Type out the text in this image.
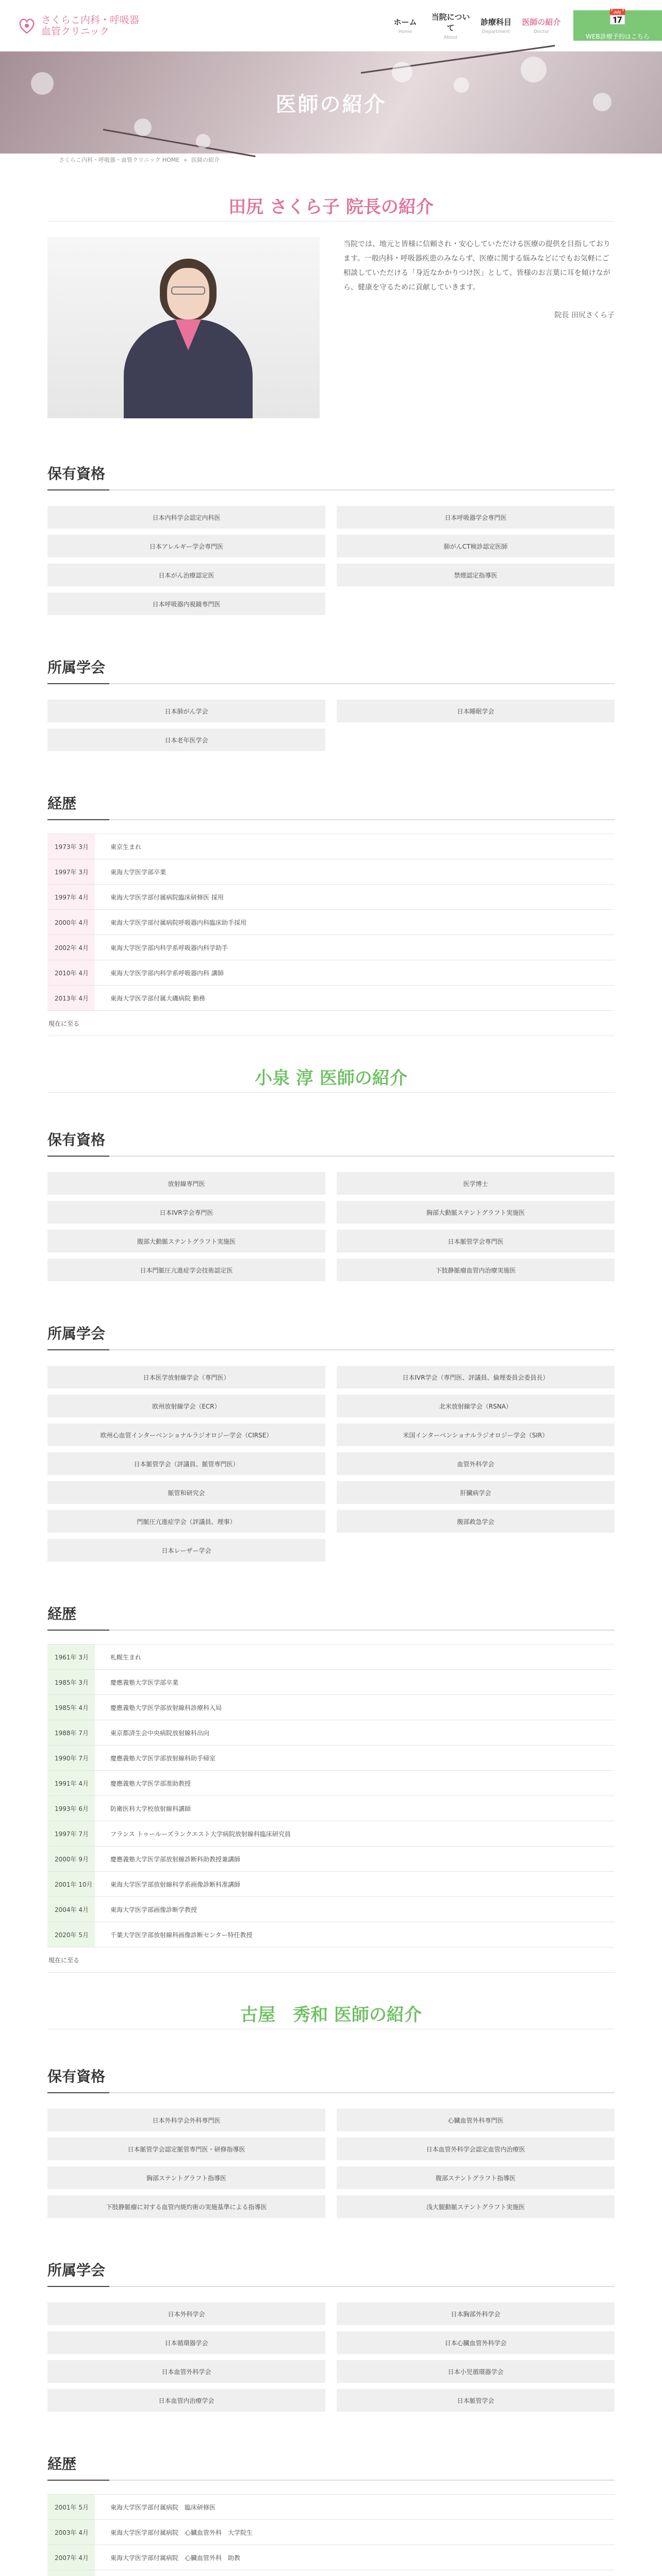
さくらこ内科・呼吸器
血管クリニック
ホーム
Home
当院について
About
診療科目
Department
医師の紹介
Doctor
📅
WEB診療予約はこちら
医師の紹介
さくらこ内科・呼吸器・血管クリニック HOME » 医師の紹介
田尻 さくら子 院長の紹介

当院では、地元と皆様に信頼され・安心していただける医療の提供を目指しております。一般内科・呼吸器疾患のみならず、医療に関する悩みなどにでもお気軽にご相談していただける「身近なかかりつけ医」として、皆様のお言葉に耳を傾けながら、健康を守るために貢献していきます。

院長 田尻さくら子

保有資格
日本内科学会認定内科医	日本呼吸器学会専門医
日本アレルギー学会専門医	肺がんCT検診認定医師
日本がん治療認定医	禁煙認定指導医
日本呼吸器内視鏡専門医
所属学会
日本肺がん学会	日本睡眠学会
日本老年医学会
経歴
1973年 3月	東京生まれ
1997年 3月	東海大学医学部卒業
1997年 4月	東海大学医学部付属病院臨床研修医 採用
2000年 4月	東海大学医学部付属病院呼吸器内科臨床助手採用
2002年 4月	東海大学医学部内科学系呼吸器内科学助手
2010年 4月	東海大学医学部内科学系呼吸器内科 講師
2013年 4月	東海大学医学部付属大磯病院 勤務
現在に至る
小泉 淳 医師の紹介
保有資格
放射線専門医	医学博士
日本IVR学会専門医	胸部大動脈ステントグラフト実施医
腹部大動脈ステントグラフト実施医	日本脈管学会専門医
日本門脈圧亢進症学会技術認定医	下肢静脈瘤血管内治療実施医
所属学会
日本医学放射線学会（専門医）	日本IVR学会（専門医、評議員、倫理委員会委員長）
欧州放射線学会（ECR）	北米放射線学会（RSNA）
欧州心血管インターベンショナルラジオロジー学会（CIRSE）	米国インターベンショナルラジオロジー学会（SIR）
日本脈管学会（評議員、脈管専門医）	血管外科学会
脈管和研究会	肝臓病学会
門脈圧亢進症学会（評議員、理事）	腹部救急学会
日本レーザー学会
経歴
1961年 3月	札幌生まれ
1985年 3月	慶應義塾大学医学部卒業
1985年 4月	慶應義塾大学医学部放射線科診療科入局
1988年 7月	東京都済生会中央病院放射線科出向
1990年 7月	慶應義塾大学医学部放射線科助手帰室
1991年 4月	慶應義塾大学医学部准助教授
1993年 6月	防衛医科大学校放射線科講師
1997年 7月	フランス トゥールーズランクエスト大学病院放射線科臨床研究員
2000年 9月	慶應義塾大学医学部放射線診断科助教授兼講師
2001年 10月	東海大学医学部放射線科学系画像診断科准講師
2004年 4月	東海大学医学部画像診断学教授
2020年 5月	千葉大学医学部放射線科画像診断センター特任教授
現在に至る
古屋　秀和 医師の紹介
保有資格
日本外科学会外科専門医	心臓血管外科専門医
日本脈管学会認定脈管専門医・研修指導医	日本血管外科学会認定血管内治療医
胸部ステントグラフト指導医	腹部ステントグラフト指導医
下肢静脈瘤に対する血管内焼灼術の実施基準による指導医	浅大腿動脈ステントグラフト実施医
所属学会
日本外科学会	日本胸部外科学会
日本循環器学会	日本心臓血管外科学会
日本血管外科学会	日本小児循環器学会
日本血管内治療学会	日本脈管学会
経歴
2001年 5月	東海大学医学部付属病院　臨床研修医
2003年 4月	東海大学医学部付属病院　心臓血管外科　大学院生
2007年 4月	東海大学医学部付属病院　心臓血管外科　助教
